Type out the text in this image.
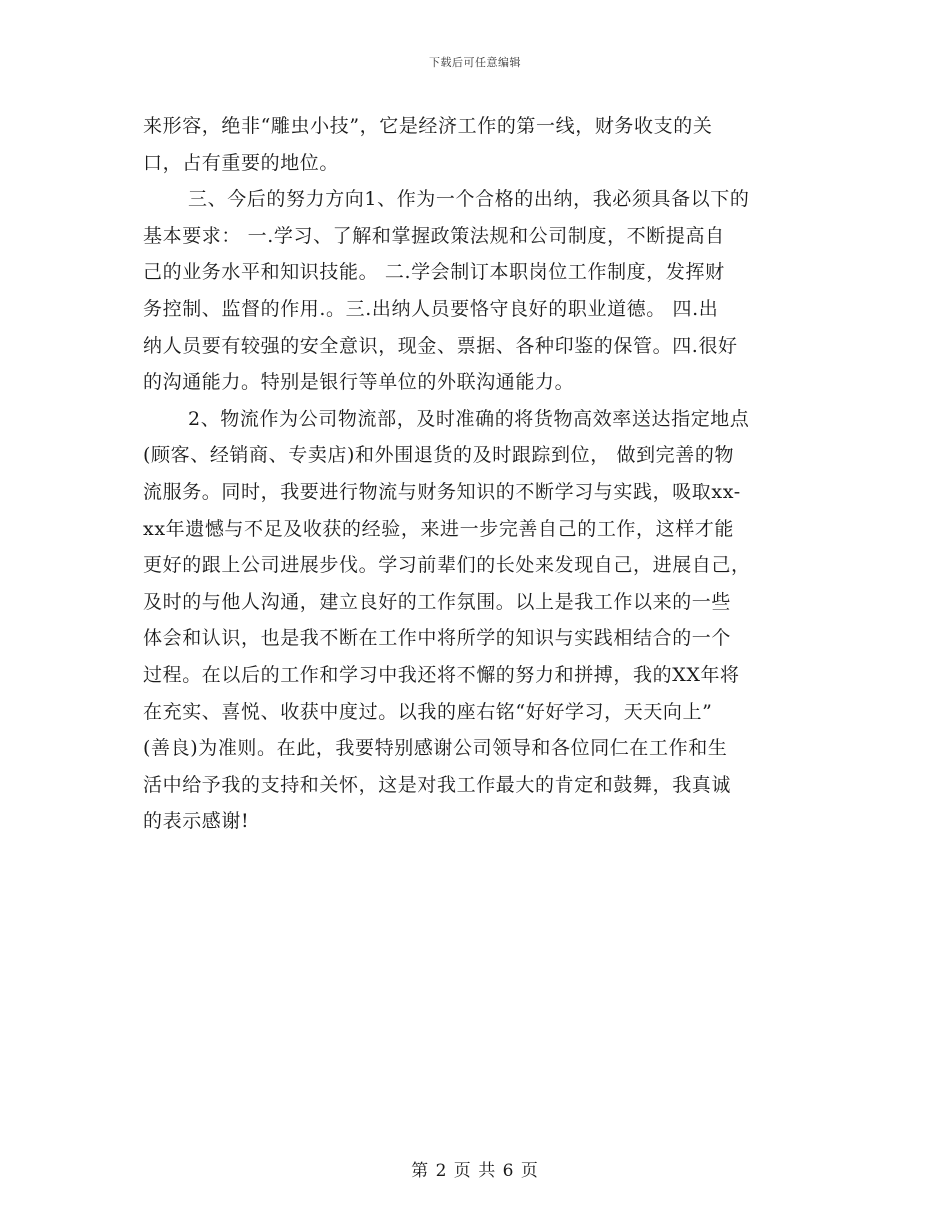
下载后可任意编辑
来形容，绝非“雕虫小技”，它是经济工作的第一线，财务收支的关
口，占有重要的地位。
三、今后的努力方向1、作为一个合格的出纳，我必须具备以下的
基本要求： 一.学习、了解和掌握政策法规和公司制度，不断提高自
己的业务水平和知识技能。 二.学会制订本职岗位工作制度，发挥财
务控制、监督的作用.。三.出纳人员要恪守良好的职业道德。 四.出
纳人员要有较强的安全意识，现金、票据、各种印鉴的保管。四.很好
的沟通能力。特别是银行等单位的外联沟通能力。
2、物流作为公司物流部，及时准确的将货物高效率送达指定地点
(顾客、经销商、专卖店)和外围退货的及时跟踪到位， 做到完善的物
流服务。同时，我要进行物流与财务知识的不断学习与实践，吸取xx-
xx年遗憾与不足及收获的经验，来进一步完善自己的工作，这样才能
更好的跟上公司进展步伐。学习前辈们的长处来发现自己，进展自己，
及时的与他人沟通，建立良好的工作氛围。以上是我工作以来的一些
体会和认识，也是我不断在工作中将所学的知识与实践相结合的一个
过程。在以后的工作和学习中我还将不懈的努力和拼搏，我的XX年将
在充实、喜悦、收获中度过。以我的座右铭“好好学习，天天向上”
(善良)为准则。在此，我要特别感谢公司领导和各位同仁在工作和生
活中给予我的支持和关怀，这是对我工作最大的肯定和鼓舞，我真诚
的表示感谢!
第 2 页 共 6 页
